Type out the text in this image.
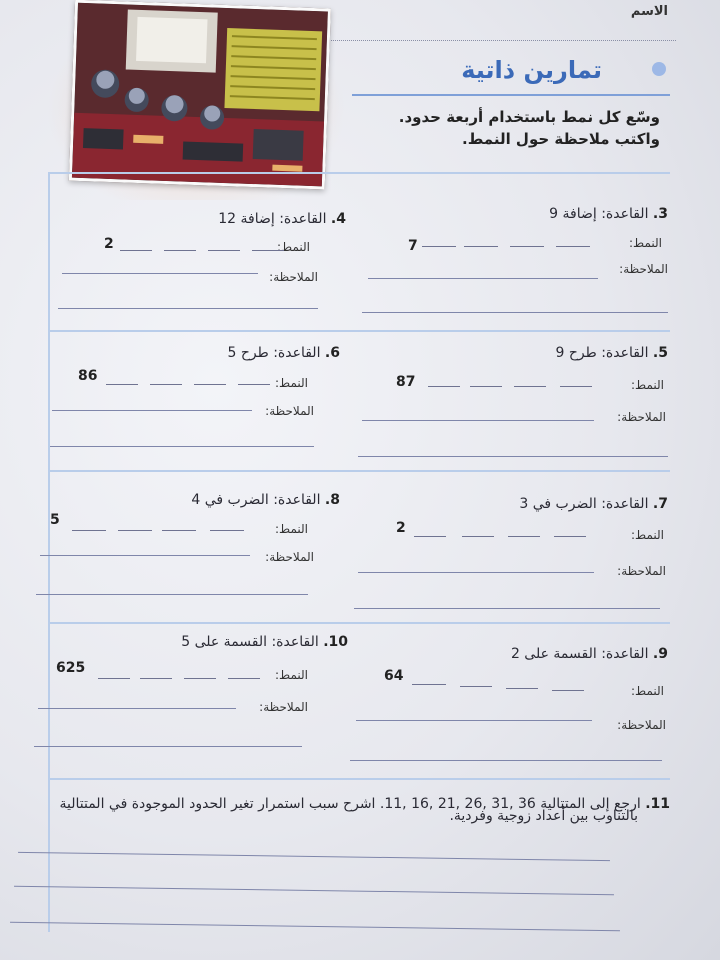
الاسم
تمارين ذاتية
وسّع كل نمط باستخدام أربعة حدود.
واكتب ملاحظة حول النمط.
3. القاعدة: إضافة 9
النمط:
7
الملاحظة:
4. القاعدة: إضافة 12
النمط:
2
الملاحظة:
5. القاعدة: طرح 9
النمط:
87
الملاحظة:
6. القاعدة: طرح 5
النمط:
86
الملاحظة:
7. القاعدة: الضرب في 3
النمط:
2
الملاحظة:
8. القاعدة: الضرب في 4
النمط:
5
الملاحظة:
9. القاعدة: القسمة على 2
النمط:
64
الملاحظة:
10. القاعدة: القسمة على 5
النمط:
625
الملاحظة:
11. ارجع إلى المتتالية 36 ,31 ,26 ,21 ,16 ,11. اشرح سبب استمرار تغير الحدود الموجودة في المتتالية
بالتناوب بين أعداد زوجية وفردية.
